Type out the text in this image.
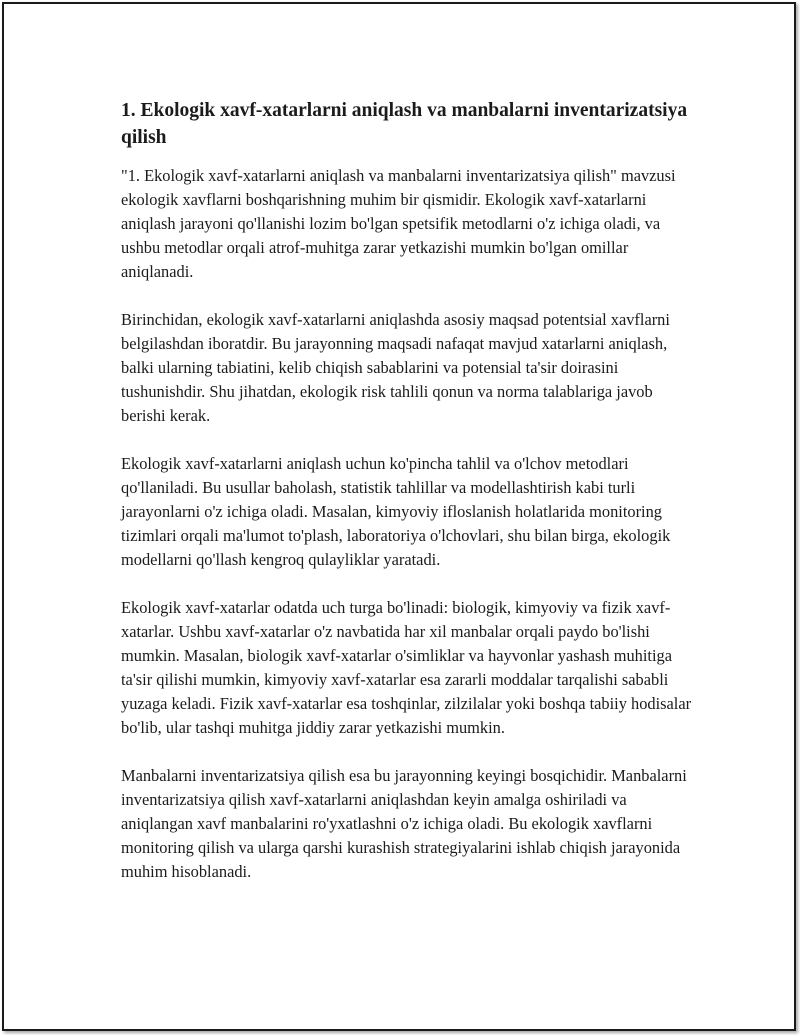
1. Ekologik xavf-xatarlarni aniqlash va manbalarni inventarizatsiya qilish

"1. Ekologik xavf-xatarlarni aniqlash va manbalarni inventarizatsiya qilish" mavzusi ekologik xavflarni boshqarishning muhim bir qismidir. Ekologik xavf-xatarlarni aniqlash jarayoni qo'llanishi lozim bo'lgan spetsifik metodlarni o'z ichiga oladi, va ushbu metodlar orqali atrof-muhitga zarar yetkazishi mumkin bo'lgan omillar aniqlanadi.

Birinchidan, ekologik xavf-xatarlarni aniqlashda asosiy maqsad potentsial xavflarni belgilashdan iboratdir. Bu jarayonning maqsadi nafaqat mavjud xatarlarni aniqlash, balki ularning tabiatini, kelib chiqish sabablarini va potensial ta'sir doirasini tushunishdir. Shu jihatdan, ekologik risk tahlili qonun va norma talablariga javob berishi kerak.

Ekologik xavf-xatarlarni aniqlash uchun ko'pincha tahlil va o'lchov metodlari qo'llaniladi. Bu usullar baholash, statistik tahlillar va modellashtirish kabi turli jarayonlarni o'z ichiga oladi. Masalan, kimyoviy ifloslanish holatlarida monitoring tizimlari orqali ma'lumot to'plash, laboratoriya o'lchovlari, shu bilan birga, ekologik modellarni qo'llash kengroq qulayliklar yaratadi.

Ekologik xavf-xatarlar odatda uch turga bo'linadi: biologik, kimyoviy va fizik xavf-xatarlar. Ushbu xavf-xatarlar o'z navbatida har xil manbalar orqali paydo bo'lishi mumkin. Masalan, biologik xavf-xatarlar o'simliklar va hayvonlar yashash muhitiga ta'sir qilishi mumkin, kimyoviy xavf-xatarlar esa zararli moddalar tarqalishi sababli yuzaga keladi. Fizik xavf-xatarlar esa toshqinlar, zilzilalar yoki boshqa tabiiy hodisalar bo'lib, ular tashqi muhitga jiddiy zarar yetkazishi mumkin.

Manbalarni inventarizatsiya qilish esa bu jarayonning keyingi bosqichidir. Manbalarni inventarizatsiya qilish xavf-xatarlarni aniqlashdan keyin amalga oshiriladi va aniqlangan xavf manbalarini ro'yxatlashni o'z ichiga oladi. Bu ekologik xavflarni monitoring qilish va ularga qarshi kurashish strategiyalarini ishlab chiqish jarayonida muhim hisoblanadi.
